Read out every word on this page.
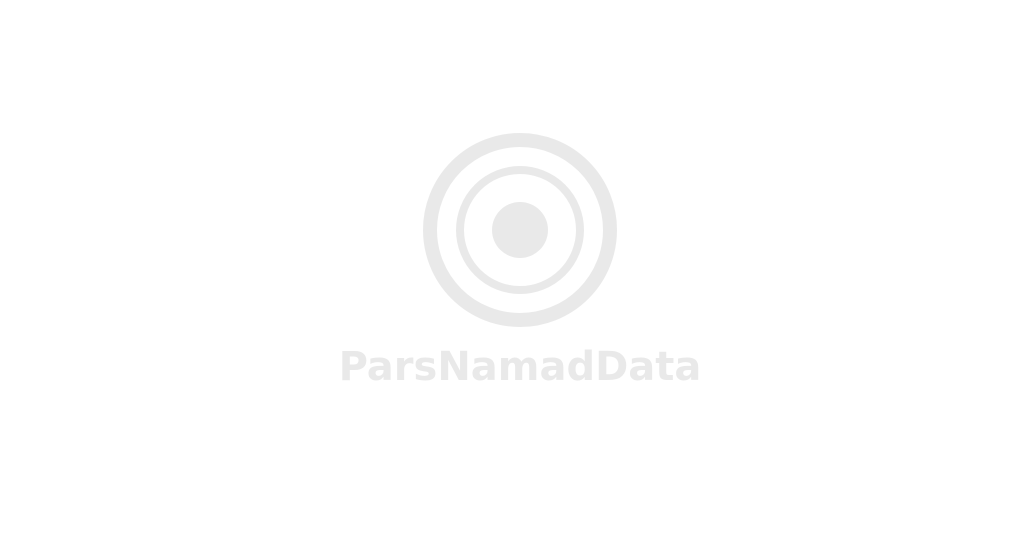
ParsNamadData
